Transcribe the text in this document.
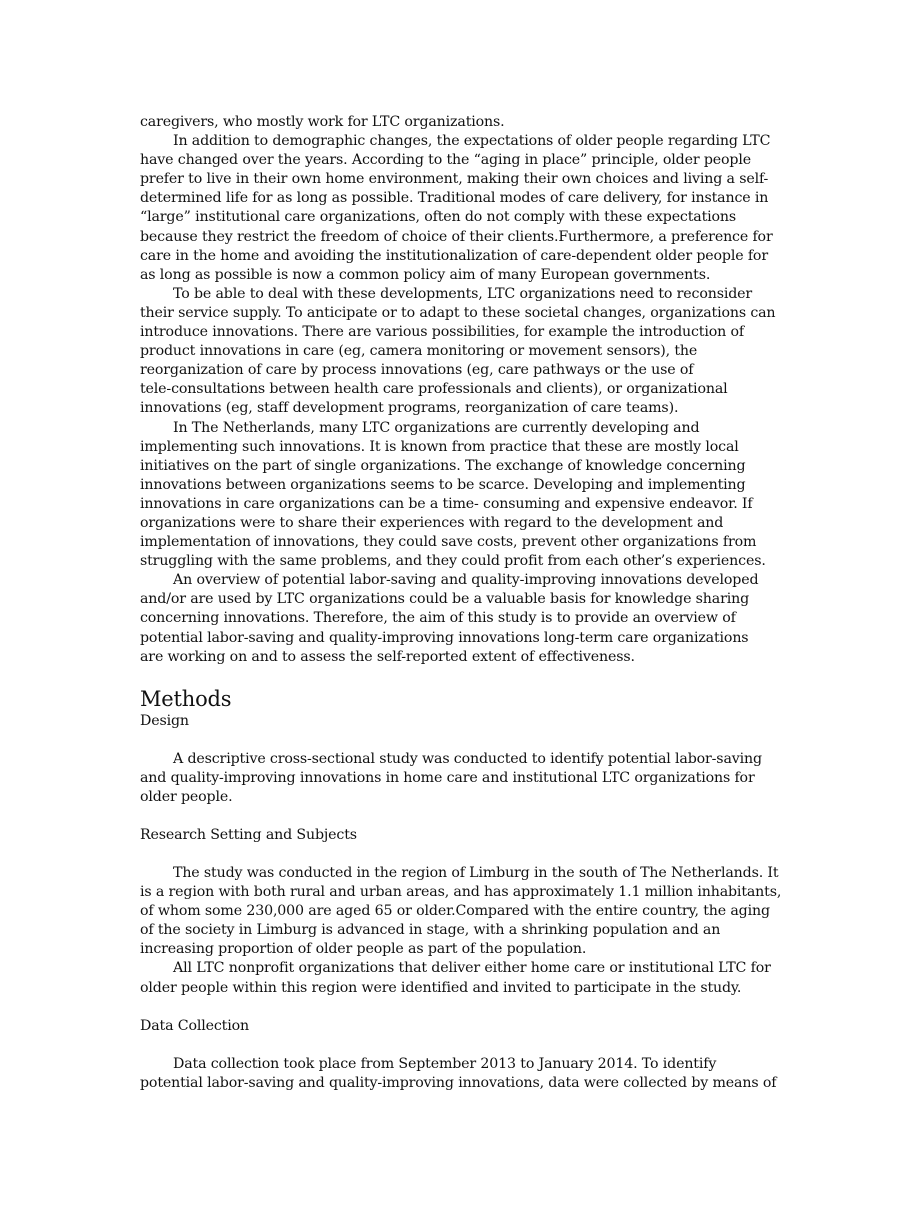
caregivers, who mostly work for LTC organizations.
In addition to demographic changes, the expectations of older people regarding LTC
have changed over the years. According to the “aging in place” principle, older people
prefer to live in their own home environment, making their own choices and living a self-
determined life for as long as possible. Traditional modes of care delivery, for instance in
“large” institutional care organizations, often do not comply with these expectations
because they restrict the freedom of choice of their clients.Furthermore, a preference for
care in the home and avoiding the institutionalization of care-dependent older people for
as long as possible is now a common policy aim of many European governments.
To be able to deal with these developments, LTC organizations need to reconsider
their service supply. To anticipate or to adapt to these societal changes, organizations can
introduce innovations. There are various possibilities, for example the introduction of
product innovations in care (eg, camera monitoring or movement sensors), the
reorganization of care by process innovations (eg, care pathways or the use of
tele-consultations between health care professionals and clients), or organizational
innovations (eg, staff development programs, reorganization of care teams).
In The Netherlands, many LTC organizations are currently developing and
implementing such innovations. It is known from practice that these are mostly local
initiatives on the part of single organizations. The exchange of knowledge concerning
innovations between organizations seems to be scarce. Developing and implementing
innovations in care organizations can be a time- consuming and expensive endeavor. If
organizations were to share their experiences with regard to the development and
implementation of innovations, they could save costs, prevent other organizations from
struggling with the same problems, and they could profit from each other’s experiences.
An overview of potential labor-saving and quality-improving innovations developed
and/or are used by LTC organizations could be a valuable basis for knowledge sharing
concerning innovations. Therefore, the aim of this study is to provide an overview of
potential labor-saving and quality-improving innovations long-term care organizations
are working on and to assess the self-reported extent of effectiveness.
Methods
Design
A descriptive cross-sectional study was conducted to identify potential labor-saving
and quality-improving innovations in home care and institutional LTC organizations for
older people.
Research Setting and Subjects
The study was conducted in the region of Limburg in the south of The Netherlands. It
is a region with both rural and urban areas, and has approximately 1.1 million inhabitants,
of whom some 230,000 are aged 65 or older.Compared with the entire country, the aging
of the society in Limburg is advanced in stage, with a shrinking population and an
increasing proportion of older people as part of the population.
All LTC nonprofit organizations that deliver either home care or institutional LTC for
older people within this region were identified and invited to participate in the study.
Data Collection
Data collection took place from September 2013 to January 2014. To identify
potential labor-saving and quality-improving innovations, data were collected by means of
